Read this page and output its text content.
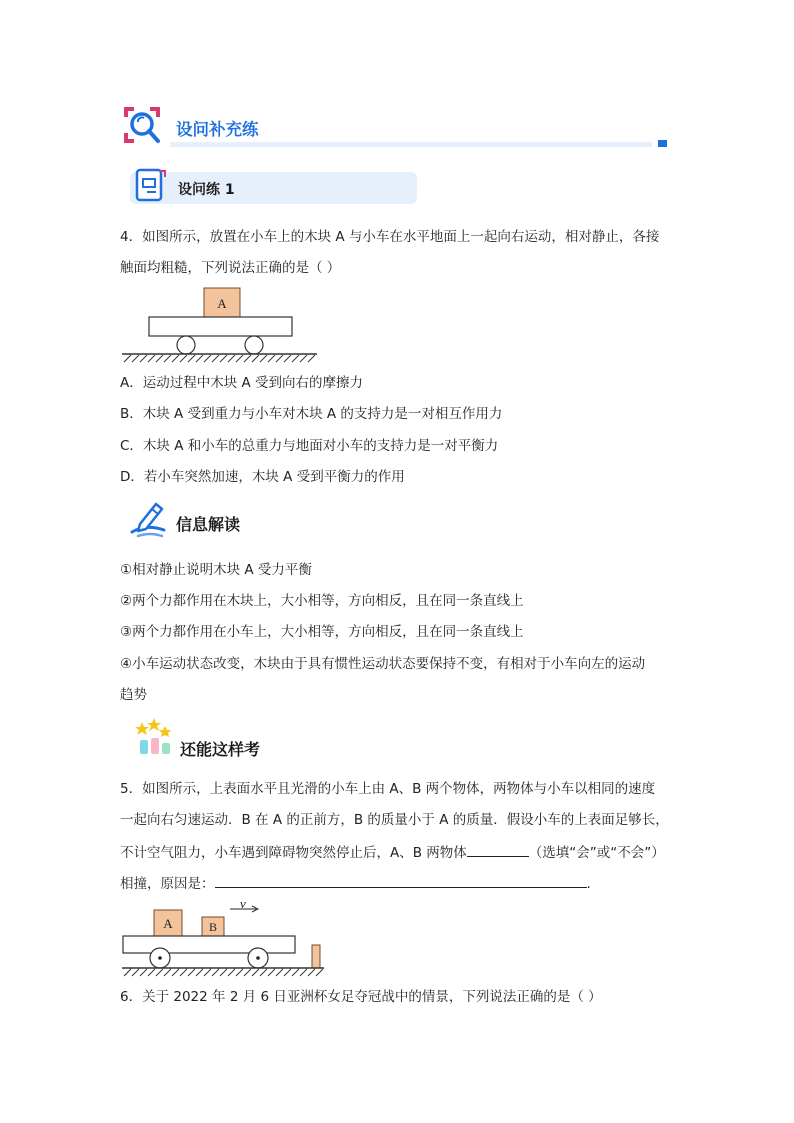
设问补充练
设问练 1
4．如图所示，放置在小车上的木块 A 与小车在水平地面上一起向右运动，相对静止，各接
触面均粗糙，下列说法正确的是（ ）
A
A．运动过程中木块 A 受到向右的摩擦力
B．木块 A 受到重力与小车对木块 A 的支持力是一对相互作用力
C．木块 A 和小车的总重力与地面对小车的支持力是一对平衡力
D．若小车突然加速，木块 A 受到平衡力的作用
信息解读
①相对静止说明木块 A 受力平衡
②两个力都作用在木块上，大小相等，方向相反，且在同一条直线上
③两个力都作用在小车上，大小相等，方向相反，且在同一条直线上
④小车运动状态改变，木块由于具有惯性运动状态要保持不变，有相对于小车向左的运动
趋势
还能这样考
5．如图所示，上表面水平且光滑的小车上由 A、B 两个物体，两物体与小车以相同的速度
一起向右匀速运动．B 在 A 的正前方，B 的质量小于 A 的质量．假设小车的上表面足够长，
不计空气阻力，小车遇到障碍物突然停止后，A、B 两物体	（选填“会”或“不会”）
相撞，原因是：	.
v
A	B
6．关于 2022 年 2 月 6 日亚洲杯女足夺冠战中的情景，下列说法正确的是（ ）
